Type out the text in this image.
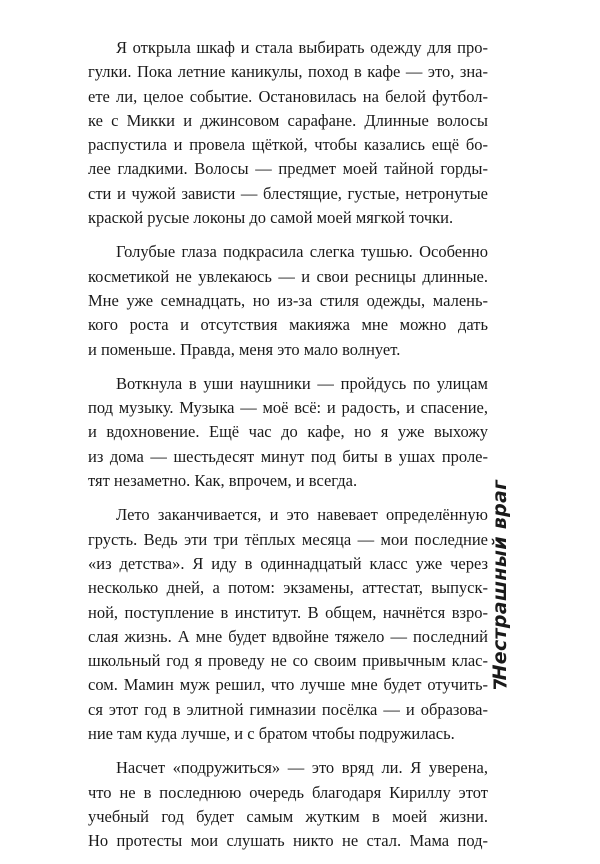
Я открыла шкаф и стала выбирать одежду для про-
гулки. Пока летние каникулы, поход в кафе — это, зна-
ете ли, целое событие. Остановилась на белой футбол-
ке с Микки и джинсовом сарафане. Длинные волосы
распустила и провела щёткой, чтобы казались ещё бо-
лее гладкими. Волосы — предмет моей тайной горды-
сти и чужой зависти — блестящие, густые, нетронутые
краской русые локоны до самой моей мягкой точки.
Голубые глаза подкрасила слегка тушью. Особенно
косметикой не увлекаюсь — и свои ресницы длинные.
Мне уже семнадцать, но из-за стиля одежды, малень-
кого роста и отсутствия макияжа мне можно дать
и поменьше. Правда, меня это мало волнует.
Воткнула в уши наушники — пройдусь по улицам
под музыку. Музыка — моё всё: и радость, и спасение,
и вдохновение. Ещё час до кафе, но я уже выхожу
из дома — шестьдесят минут под биты в ушах проле-
тят незаметно. Как, впрочем, и всегда.
Лето заканчивается, и это навевает определённую
грусть. Ведь эти три тёплых месяца — мои последние
«из детства». Я иду в одиннадцатый класс уже через
несколько дней, а потом: экзамены, аттестат, выпуск-
ной, поступление в институт. В общем, начнётся взро-
слая жизнь. А мне будет вдвойне тяжело — последний
школьный год я проведу не со своим привычным клас-
сом. Мамин муж решил, что лучше мне будет отучить-
ся этот год в элитной гимназии посёлка — и образова-
ние там куда лучше, и с братом чтобы подружилась.
Насчет «подружиться» — это вряд ли. Я уверена,
что не в последнюю очередь благодаря Кириллу этот
учебный год будет самым жутким в моей жизни.
Но протесты мои слушать никто не стал. Мама под-
Нестрашный враг
7
